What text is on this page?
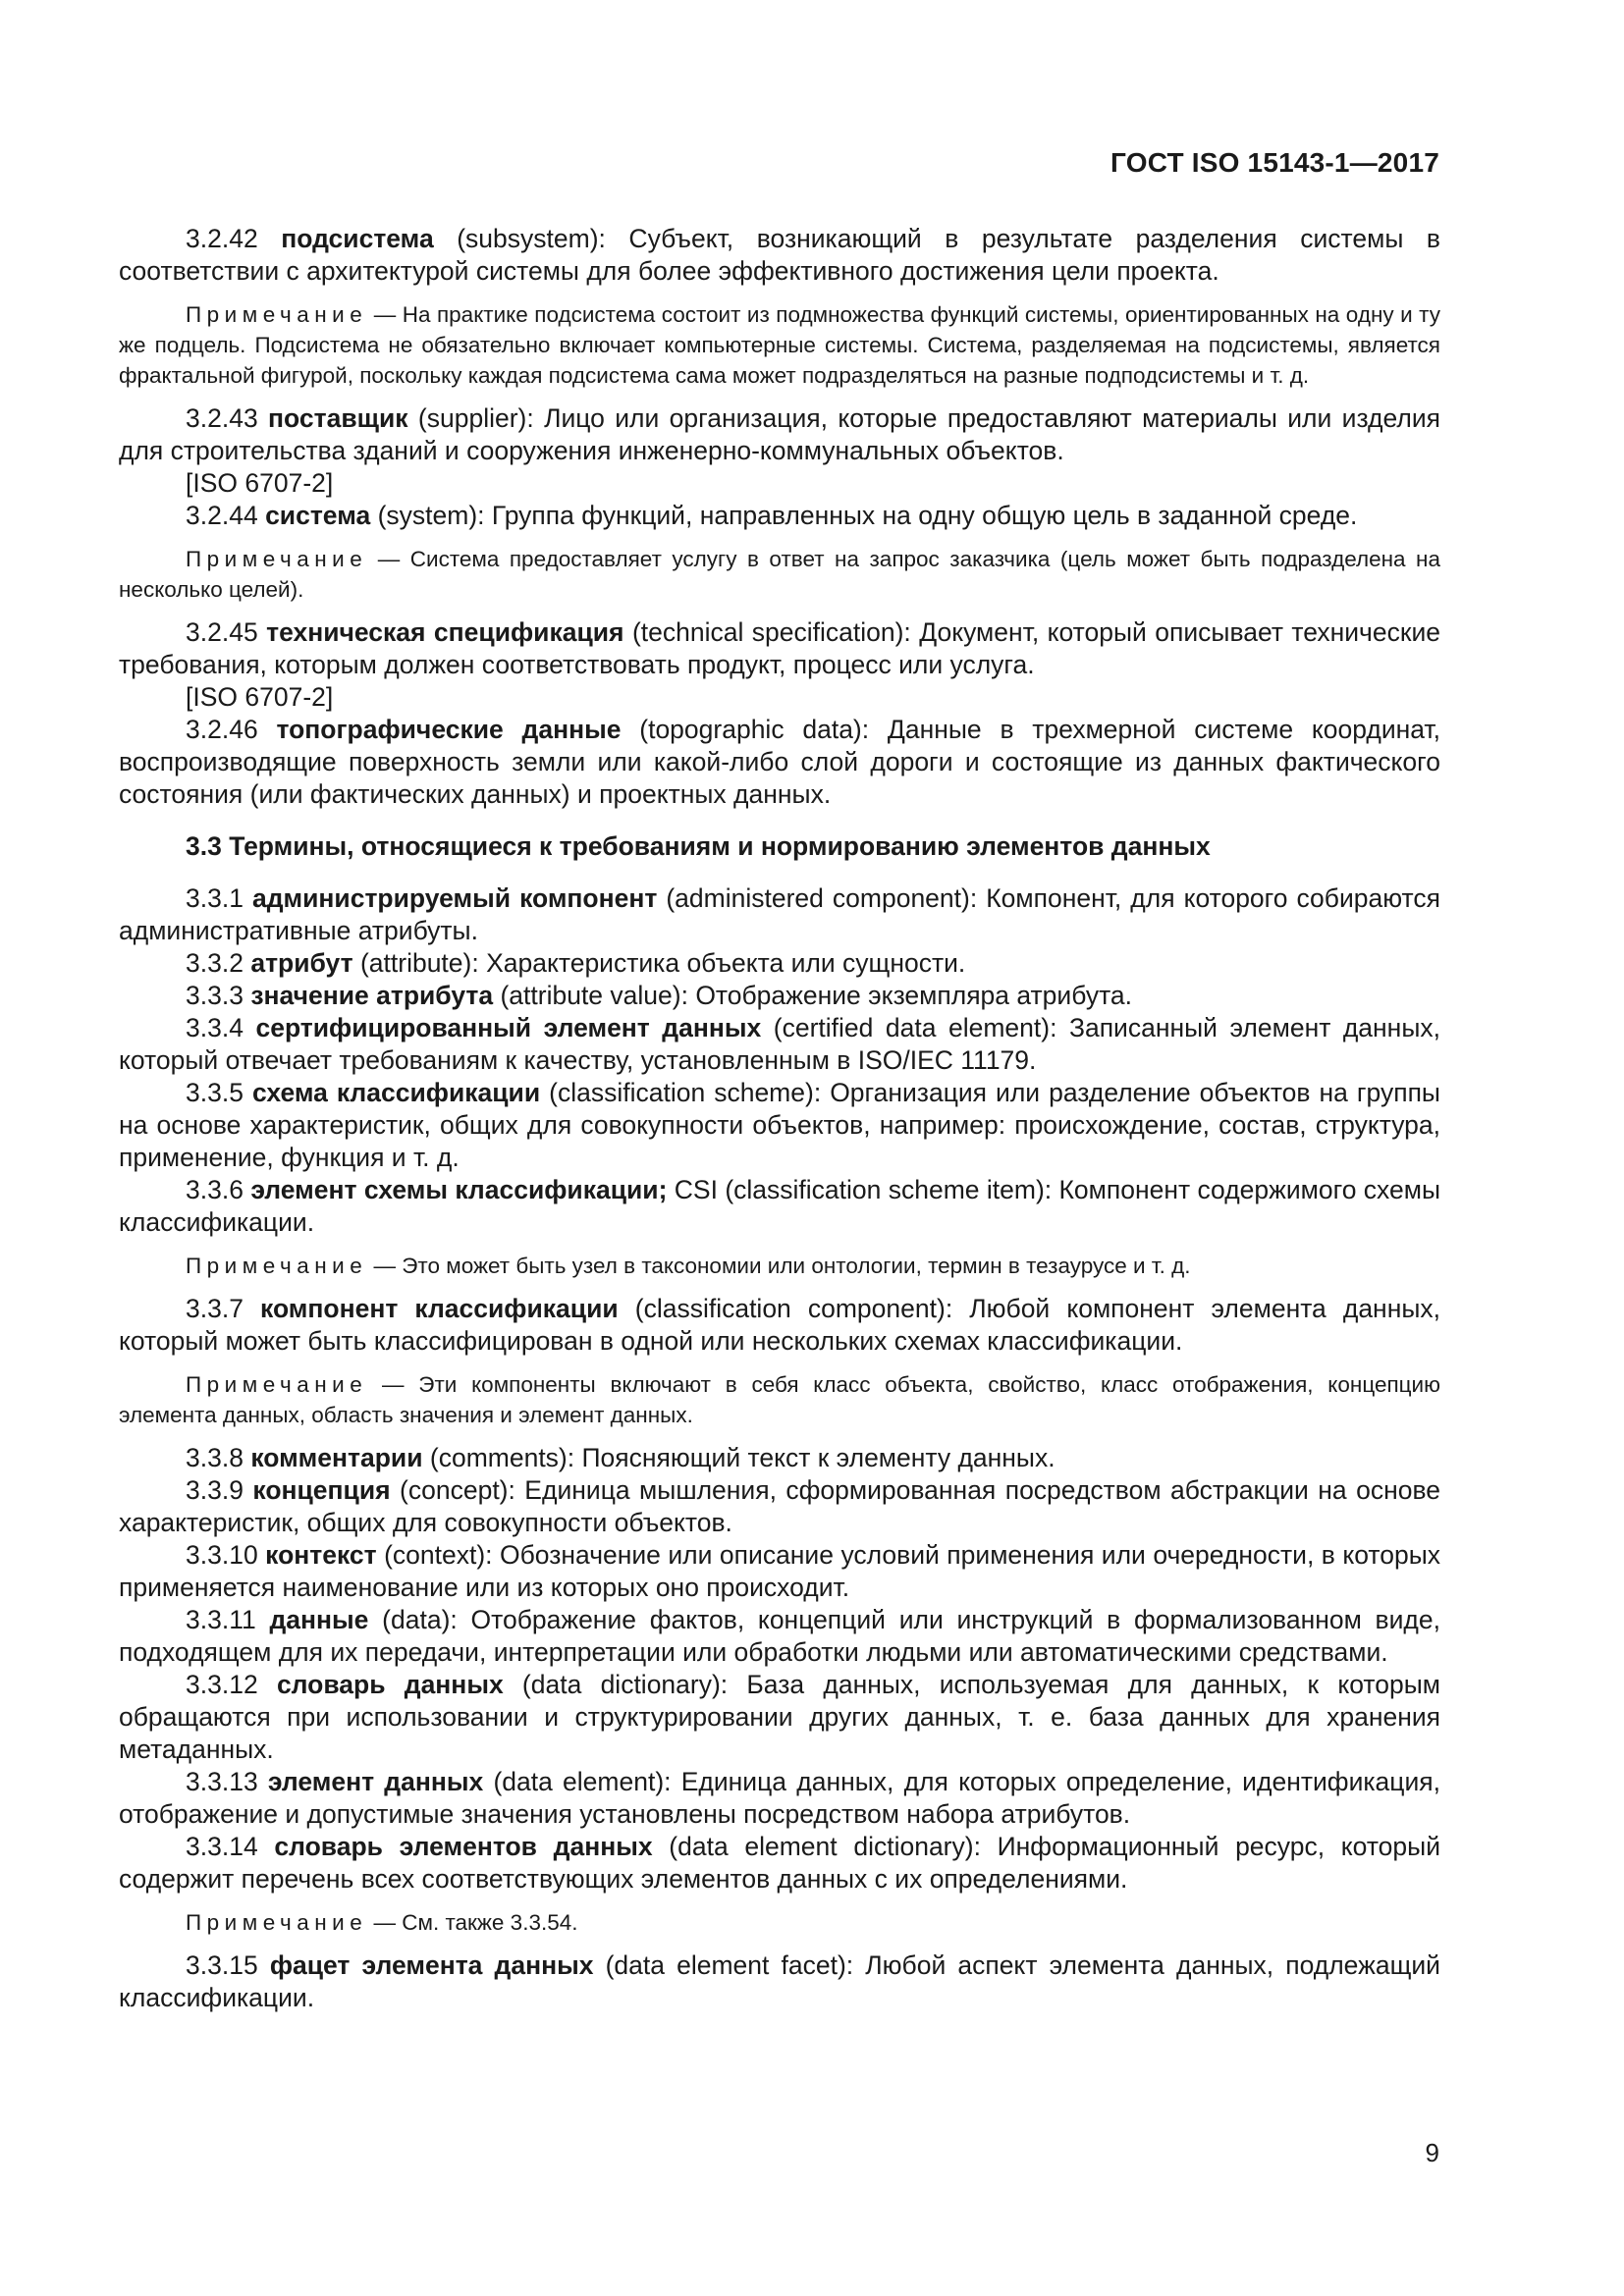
ГОСТ ISO 15143-1—2017

3.2.42 подсистема (subsystem): Субъект, возникающий в результате разделения системы в соответствии с архитектурой системы для более эффективного достижения цели проекта.

Примечание — На практике подсистема состоит из подмножества функций системы, ориентированных на одну и ту же подцель. Подсистема не обязательно включает компьютерные системы. Система, разделяемая на подсистемы, является фрактальной фигурой, поскольку каждая подсистема сама может подразделяться на разные подподсистемы и т. д.

3.2.43 поставщик (supplier): Лицо или организация, которые предоставляют материалы или изделия для строительства зданий и сооружения инженерно-коммунальных объектов.

[ISO 6707-2]

3.2.44 система (system): Группа функций, направленных на одну общую цель в заданной среде.

Примечание — Система предоставляет услугу в ответ на запрос заказчика (цель может быть подразделена на несколько целей).

3.2.45 техническая спецификация (technical specification): Документ, который описывает технические требования, которым должен соответствовать продукт, процесс или услуга.

[ISO 6707-2]

3.2.46 топографические данные (topographic data): Данные в трехмерной системе координат, воспроизводящие поверхность земли или какой-либо слой дороги и состоящие из данных фактического состояния (или фактических данных) и проектных данных.

3.3 Термины, относящиеся к требованиям и нормированию элементов данных

3.3.1 администрируемый компонент (administered component): Компонент, для которого собираются административные атрибуты.

3.3.2 атрибут (attribute): Характеристика объекта или сущности.

3.3.3 значение атрибута (attribute value): Отображение экземпляра атрибута.

3.3.4 сертифицированный элемент данных (certified data element): Записанный элемент данных, который отвечает требованиям к качеству, установленным в ISO/IEC 11179.

3.3.5 схема классификации (classification scheme): Организация или разделение объектов на группы на основе характеристик, общих для совокупности объектов, например: происхождение, состав, структура, применение, функция и т. д.

3.3.6 элемент схемы классификации; CSI (classification scheme item): Компонент содержимого схемы классификации.

Примечание — Это может быть узел в таксономии или онтологии, термин в тезаурусе и т. д.

3.3.7 компонент классификации (classification component): Любой компонент элемента данных, который может быть классифицирован в одной или нескольких схемах классификации.

Примечание — Эти компоненты включают в себя класс объекта, свойство, класс отображения, концепцию элемента данных, область значения и элемент данных.

3.3.8 комментарии (comments): Поясняющий текст к элементу данных.

3.3.9 концепция (concept): Единица мышления, сформированная посредством абстракции на основе характеристик, общих для совокупности объектов.

3.3.10 контекст (context): Обозначение или описание условий применения или очередности, в которых применяется наименование или из которых оно происходит.

3.3.11 данные (data): Отображение фактов, концепций или инструкций в формализованном виде, подходящем для их передачи, интерпретации или обработки людьми или автоматическими средствами.

3.3.12 словарь данных (data dictionary): База данных, используемая для данных, к которым обращаются при использовании и структурировании других данных, т. е. база данных для хранения метаданных.

3.3.13 элемент данных (data element): Единица данных, для которых определение, идентификация, отображение и допустимые значения установлены посредством набора атрибутов.

3.3.14 словарь элементов данных (data element dictionary): Информационный ресурс, который содержит перечень всех соответствующих элементов данных с их определениями.

Примечание — См. также 3.3.54.

3.3.15 фацет элемента данных (data element facet): Любой аспект элемента данных, подлежащий классификации.

9
